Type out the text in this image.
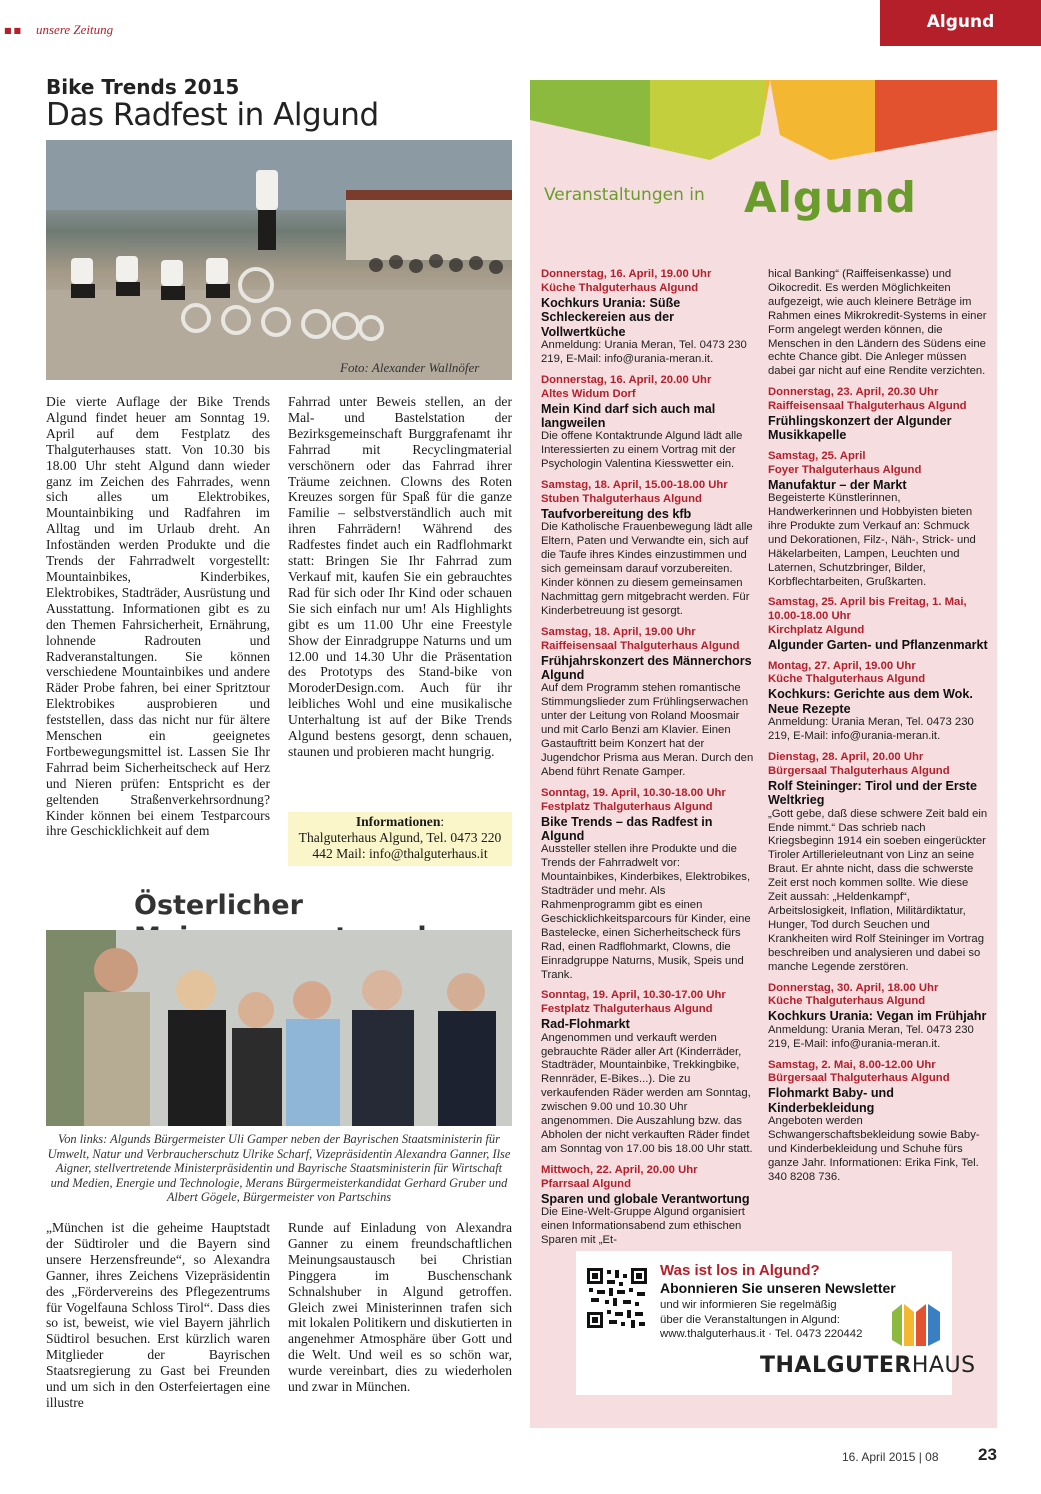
■■ unsere Zeitung	Algund
Bike Trends 2015
Das Radfest in Algund
Foto: Alexander Wallnöfer
Die vierte Auflage der Bike Trends Algund findet heuer am Sonntag 19. April auf dem Festplatz des Thalguterhauses statt. Von 10.30 bis 18.00 Uhr steht Algund dann wieder ganz im Zeichen des Fahrrades, wenn sich alles um Elektrobikes, Mountainbiking und Radfahren im Alltag und im Urlaub dreht. An Infoständen werden Produkte und die Trends der Fahrradwelt vorgestellt: Mountainbikes, Kinderbikes, Elektrobikes, Stadträder, Ausrüstung und Ausstattung. Informationen gibt es zu den Themen Fahrsicherheit, Ernährung, lohnende Radrouten und Radveranstaltungen. Sie können verschiedene Mountainbikes und andere Räder Probe fahren, bei einer Spritztour Elektrobikes ausprobieren und feststellen, dass das nicht nur für ältere Menschen ein geeignetes Fortbewegungsmittel ist. Lassen Sie Ihr Fahrrad beim Sicherheitscheck auf Herz und Nieren prüfen: Entspricht es der geltenden Straßenverkehrsordnung? Kinder können bei einem Testparcours ihre Geschicklichkeit auf dem
Fahrrad unter Beweis stellen, an der Mal- und Bastelstation der Bezirksgemeinschaft Burggrafenamt ihr Fahrrad mit Recyclingmaterial verschönern oder das Fahrrad ihrer Träume zeichnen. Clowns des Roten Kreuzes sorgen für Spaß für die ganze Familie – selbstverständlich auch mit ihren Fahrrädern! Während des Radfestes findet auch ein Radflohmarkt statt: Bringen Sie Ihr Fahrrad zum Verkauf mit, kaufen Sie ein gebrauchtes Rad für sich oder Ihr Kind oder schauen Sie sich einfach nur um! Als Highlights gibt es um 11.00 Uhr eine Freestyle Show der Einradgruppe Naturns und um 12.00 und 14.30 Uhr die Präsentation des Prototyps des Stand-bike von MoroderDesign.com. Auch für ihr leibliches Wohl und eine musikalische Unterhaltung ist auf der Bike Trends Algund bestens gesorgt, denn schauen, staunen und probieren macht hungrig.
Informationen:
Thalguterhaus Algund, Tel. 0473 220 442 Mail: info@thalguterhaus.it
Österlicher
Von links: Algunds Bürgermeister Uli Gamper neben der Bayrischen Staatsministerin für Umwelt, Natur und Verbraucherschutz Ulrike Scharf, Vizepräsidentin Alexandra Ganner, Ilse Aigner, stellvertretende Ministerpräsidentin und Bayrische Staatsministerin für Wirtschaft und Medien, Energie und Technologie, Merans Bürgermeisterkandidat Gerhard Gruber und Albert Gögele, Bürgermeister von Partschins
„München ist die geheime Hauptstadt der Südtiroler und die Bayern sind unsere Herzensfreunde“, so Alexandra Ganner, ihres Zeichens Vizepräsidentin des „Fördervereins des Pflegezentrums für Vogelfauna Schloss Tirol“. Dass dies so ist, beweist, wie viel Bayern jährlich Südtirol besuchen. Erst kürzlich waren Mitglieder der Bayrischen Staatsregierung zu Gast bei Freunden und um sich in den Osterfeiertagen eine illustre
Runde auf Einladung von Alexandra Ganner zu einem freundschaftlichen Meinungsaustausch bei Christian Pinggera im Buschenschank Schnalshuber in Algund getroffen. Gleich zwei Ministerinnen trafen sich mit lokalen Politikern und diskutierten in angenehmer Atmosphäre über Gott und die Welt. Und weil es so schön war, wurde vereinbart, dies zu wiederholen und zwar in München.
Veranstaltungen in Algund
Donnerstag, 16. April, 19.00 Uhr
Küche Thalguterhaus Algund
Kochkurs Urania: Süße Schleckereien aus der Vollwertküche
Anmeldung: Urania Meran, Tel. 0473 230 219, E-Mail: info@urania-meran.it.
Donnerstag, 16. April, 20.00 Uhr
Altes Widum Dorf
Mein Kind darf sich auch mal langweilen
Die offene Kontaktrunde Algund lädt alle Interessierten zu einem Vortrag mit der Psychologin Valentina Kiesswetter ein.
Samstag, 18. April, 15.00-18.00 Uhr
Stuben Thalguterhaus Algund
Taufvorbereitung des kfb
Die Katholische Frauenbewegung lädt alle Eltern, Paten und Verwandte ein, sich auf die Taufe ihres Kindes einzustimmen und sich gemeinsam darauf vorzubereiten. Kinder können zu diesem gemeinsamen Nachmittag gern mitgebracht werden. Für Kinderbetreuung ist gesorgt.
Samstag, 18. April, 19.00 Uhr
Raiffeisensaal Thalguterhaus Algund
Frühjahrskonzert des Männerchors Algund
Auf dem Programm stehen romantische Stimmungslieder zum Frühlingserwachen unter der Leitung von Roland Moosmair und mit Carlo Benzi am Klavier. Einen Gastauftritt beim Konzert hat der Jugendchor Prisma aus Meran. Durch den Abend führt Renate Gamper.
Sonntag, 19. April, 10.30-18.00 Uhr
Festplatz Thalguterhaus Algund
Bike Trends – das Radfest in Algund
Aussteller stellen ihre Produkte und die Trends der Fahrradwelt vor: Mountainbikes, Kinderbikes, Elektrobikes, Stadträder und mehr. Als Rahmenprogramm gibt es einen Geschicklichkeitsparcours für Kinder, eine Bastelecke, einen Sicherheitscheck fürs Rad, einen Radflohmarkt, Clowns, die Einradgruppe Naturns, Musik, Speis und Trank.
Sonntag, 19. April, 10.30-17.00 Uhr
Festplatz Thalguterhaus Algund
Rad-Flohmarkt
Angenommen und verkauft werden gebrauchte Räder aller Art (Kinderräder, Stadträder, Mountainbike, Trekkingbike, Rennräder, E-Bikes...). Die zu verkaufenden Räder werden am Sonntag, zwischen 9.00 und 10.30 Uhr angenommen. Die Auszahlung bzw. das Abholen der nicht verkauften Räder findet am Sonntag von 17.00 bis 18.00 Uhr statt.
Mittwoch, 22. April, 20.00 Uhr
Pfarrsaal Algund
Sparen und globale Verantwortung
Die Eine-Welt-Gruppe Algund organisiert einen Informationsabend zum ethischen Sparen mit „Et-
hical Banking“ (Raiffeisenkasse) und Oikocredit. Es werden Möglichkeiten aufgezeigt, wie auch kleinere Beträge im Rahmen eines Mikrokredit-Systems in einer Form angelegt werden können, die Menschen in den Ländern des Südens eine echte Chance gibt. Die Anleger müssen dabei gar nicht auf eine Rendite verzichten.
Donnerstag, 23. April, 20.30 Uhr
Raiffeisensaal Thalguterhaus Algund
Frühlingskonzert der Algunder Musikkapelle
Samstag, 25. April
Foyer Thalguterhaus Algund
Manufaktur – der Markt
Begeisterte Künstlerinnen, Handwerkerinnen und Hobbyisten bieten ihre Produkte zum Verkauf an: Schmuck und Dekorationen, Filz-, Näh-, Strick- und Häkelarbeiten, Lampen, Leuchten und Laternen, Schutzbringer, Bilder, Korbflechtarbeiten, Grußkarten.
Samstag, 25. April bis Freitag, 1. Mai, 10.00-18.00 Uhr
Kirchplatz Algund
Algunder Garten- und Pflanzenmarkt
Montag, 27. April, 19.00 Uhr
Küche Thalguterhaus Algund
Kochkurs: Gerichte aus dem Wok. Neue Rezepte
Anmeldung: Urania Meran, Tel. 0473 230 219, E-Mail: info@urania-meran.it.
Dienstag, 28. April, 20.00 Uhr
Bürgersaal Thalguterhaus Algund
Rolf Steininger: Tirol und der Erste Weltkrieg
„Gott gebe, daß diese schwere Zeit bald ein Ende nimmt.“ Das schrieb nach Kriegsbeginn 1914 ein soeben eingerückter Tiroler Artillerieleutnant von Linz an seine Braut. Er ahnte nicht, dass die schwerste Zeit erst noch kommen sollte. Wie diese Zeit aussah: „Heldenkampf“, Arbeitslosigkeit, Inflation, Militärdiktatur, Hunger, Tod durch Seuchen und Krankheiten wird Rolf Steininger im Vortrag beschreiben und analysieren und dabei so manche Legende zerstören.
Donnerstag, 30. April, 18.00 Uhr
Küche Thalguterhaus Algund
Kochkurs Urania: Vegan im Frühjahr
Anmeldung: Urania Meran, Tel. 0473 230 219, E-Mail: info@urania-meran.it.
Samstag, 2. Mai, 8.00-12.00 Uhr
Bürgersaal Thalguterhaus Algund
Flohmarkt Baby- und Kinderbekleidung
Angeboten werden Schwangerschaftsbekleidung sowie Baby- und Kinderbekleidung und Schuhe fürs ganze Jahr. Informationen: Erika Fink, Tel. 340 8208 736.
Was ist los in Algund?
Abonnieren Sie unseren Newsletter
und wir informieren Sie regelmäßig
über die Veranstaltungen in Algund:
www.thalguterhaus.it · Tel. 0473 220442
THALGUTERHAUS
16. April 2015 | 08 23
